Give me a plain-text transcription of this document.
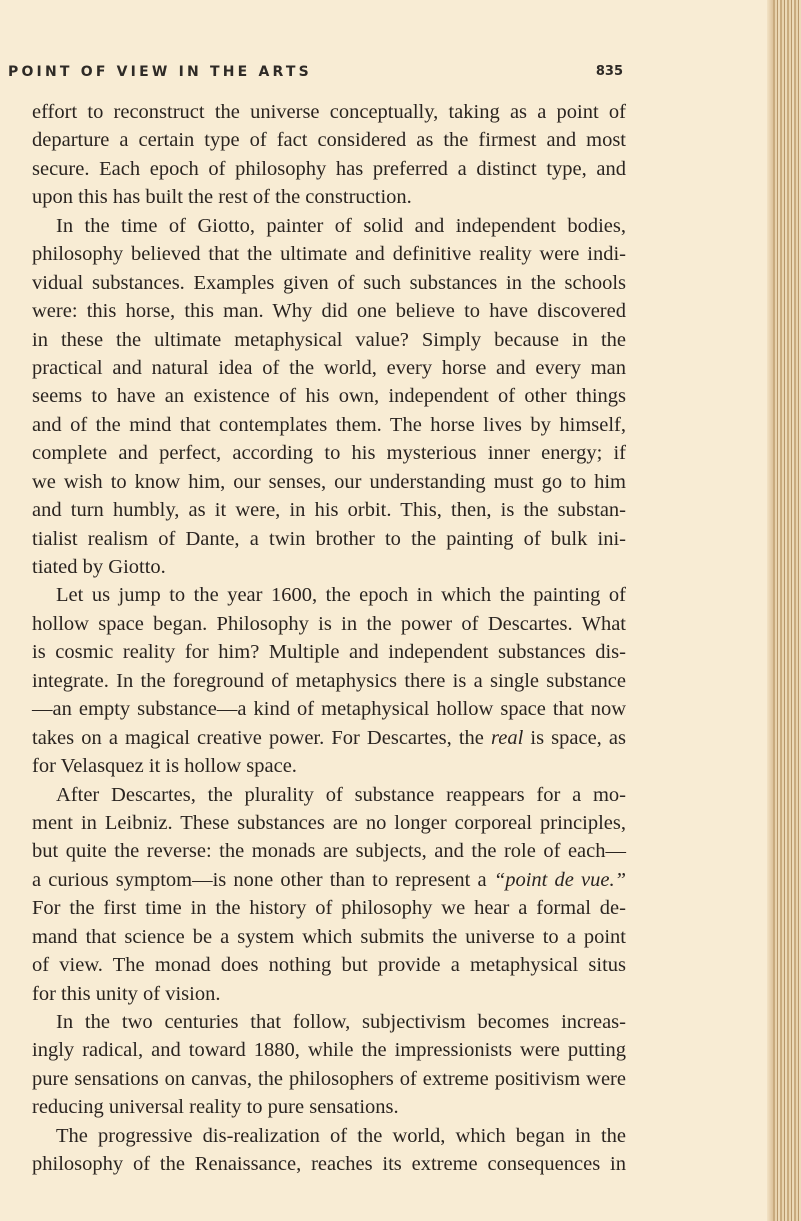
POINT OF VIEW IN THE ARTS	835
effort to reconstruct the universe conceptually, taking as a point of
departure a certain type of fact considered as the firmest and most
secure. Each epoch of philosophy has preferred a distinct type, and
upon this has built the rest of the construction.
In the time of Giotto, painter of solid and independent bodies,
philosophy believed that the ultimate and definitive reality were indi-
vidual substances. Examples given of such substances in the schools
were: this horse, this man. Why did one believe to have discovered
in these the ultimate metaphysical value? Simply because in the
practical and natural idea of the world, every horse and every man
seems to have an existence of his own, independent of other things
and of the mind that contemplates them. The horse lives by himself,
complete and perfect, according to his mysterious inner energy; if
we wish to know him, our senses, our understanding must go to him
and turn humbly, as it were, in his orbit. This, then, is the substan-
tialist realism of Dante, a twin brother to the painting of bulk ini-
tiated by Giotto.
Let us jump to the year 1600, the epoch in which the painting of
hollow space began. Philosophy is in the power of Descartes. What
is cosmic reality for him? Multiple and independent substances dis-
integrate. In the foreground of metaphysics there is a single substance
—an empty substance—a kind of metaphysical hollow space that now
takes on a magical creative power. For Descartes, the real is space, as
for Velasquez it is hollow space.
After Descartes, the plurality of substance reappears for a mo-
ment in Leibniz. These substances are no longer corporeal principles,
but quite the reverse: the monads are subjects, and the role of each—
a curious symptom—is none other than to represent a “point de vue.”
For the first time in the history of philosophy we hear a formal de-
mand that science be a system which submits the universe to a point
of view. The monad does nothing but provide a metaphysical situs
for this unity of vision.
In the two centuries that follow, subjectivism becomes increas-
ingly radical, and toward 1880, while the impressionists were putting
pure sensations on canvas, the philosophers of extreme positivism were
reducing universal reality to pure sensations.
The progressive dis-realization of the world, which began in the
philosophy of the Renaissance, reaches its extreme consequences in
